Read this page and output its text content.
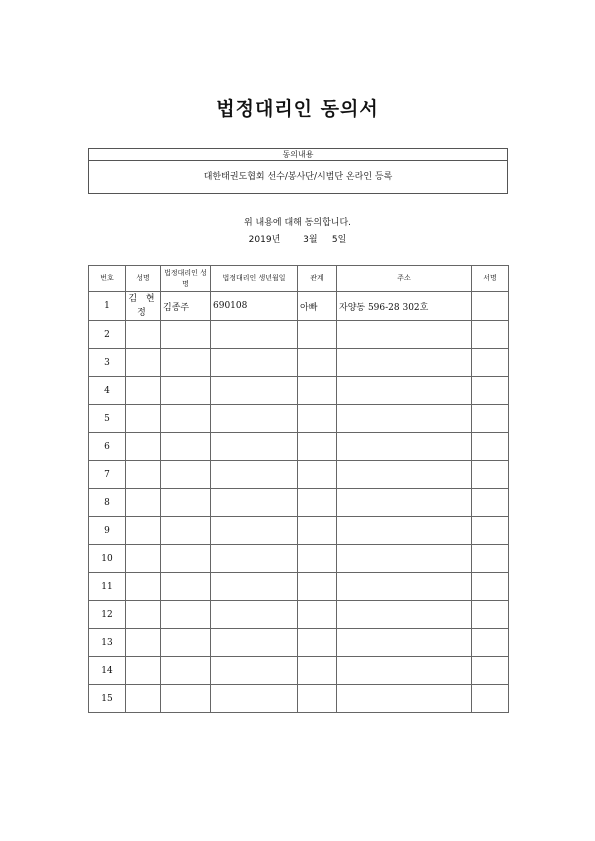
법정대리인 동의서
동의내용
대한태권도협회 선수/봉사단/시범단 온라인 등록
위 내용에 대해 동의합니다.
2019년	3월 5일
번호	성명	법정대리인 성명	법정대리인 생년월일	관계	주소	서명
1	김 현 정	김종주	690108	아빠	자양동 596-28 302호	
2						
3						
4						
5						
6						
7						
8						
9						
10						
11						
12						
13						
14						
15						
